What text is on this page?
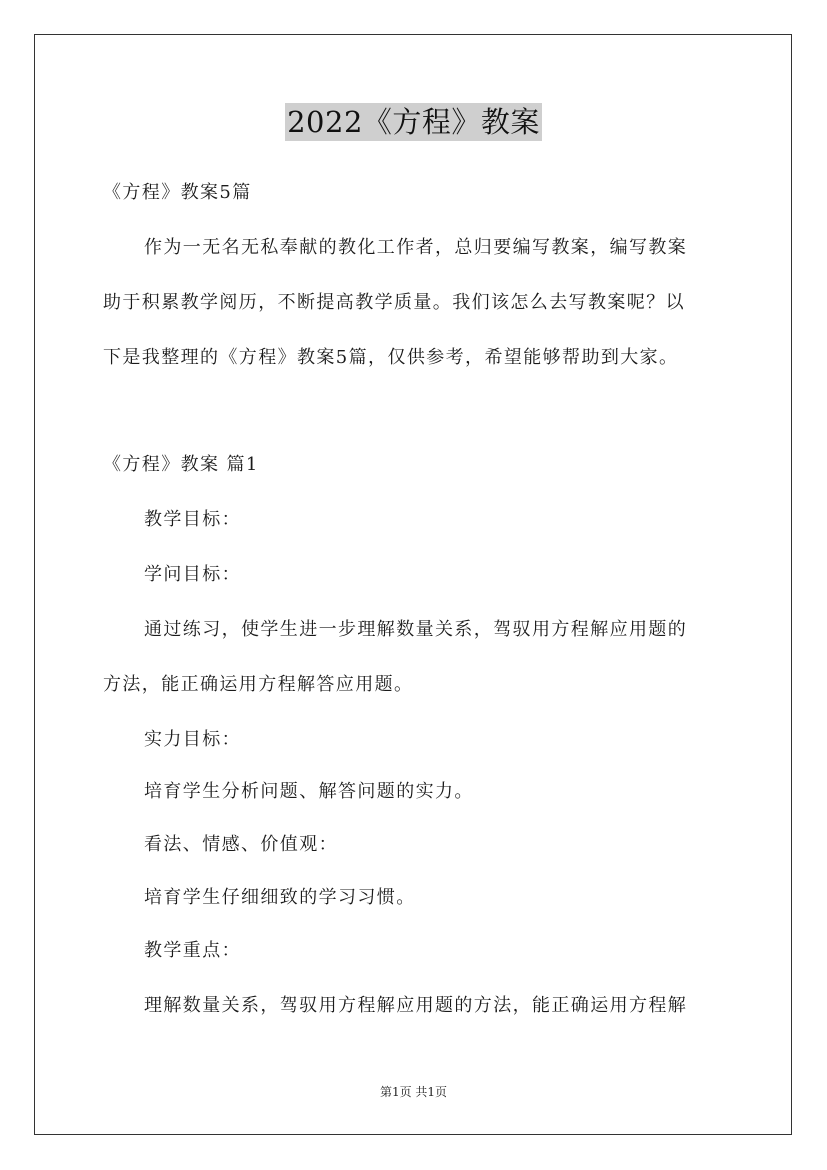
2022《方程》教案
《方程》教案5篇
作为一无名无私奉献的教化工作者，总归要编写教案，编写教案
助于积累教学阅历，不断提高教学质量。我们该怎么去写教案呢？以
下是我整理的《方程》教案5篇，仅供参考，希望能够帮助到大家。
《方程》教案 篇1
教学目标：
学问目标：
通过练习，使学生进一步理解数量关系，驾驭用方程解应用题的
方法，能正确运用方程解答应用题。
实力目标：
培育学生分析问题、解答问题的实力。
看法、情感、价值观：
培育学生仔细细致的学习习惯。
教学重点：
理解数量关系，驾驭用方程解应用题的方法，能正确运用方程解
第1页 共1页
